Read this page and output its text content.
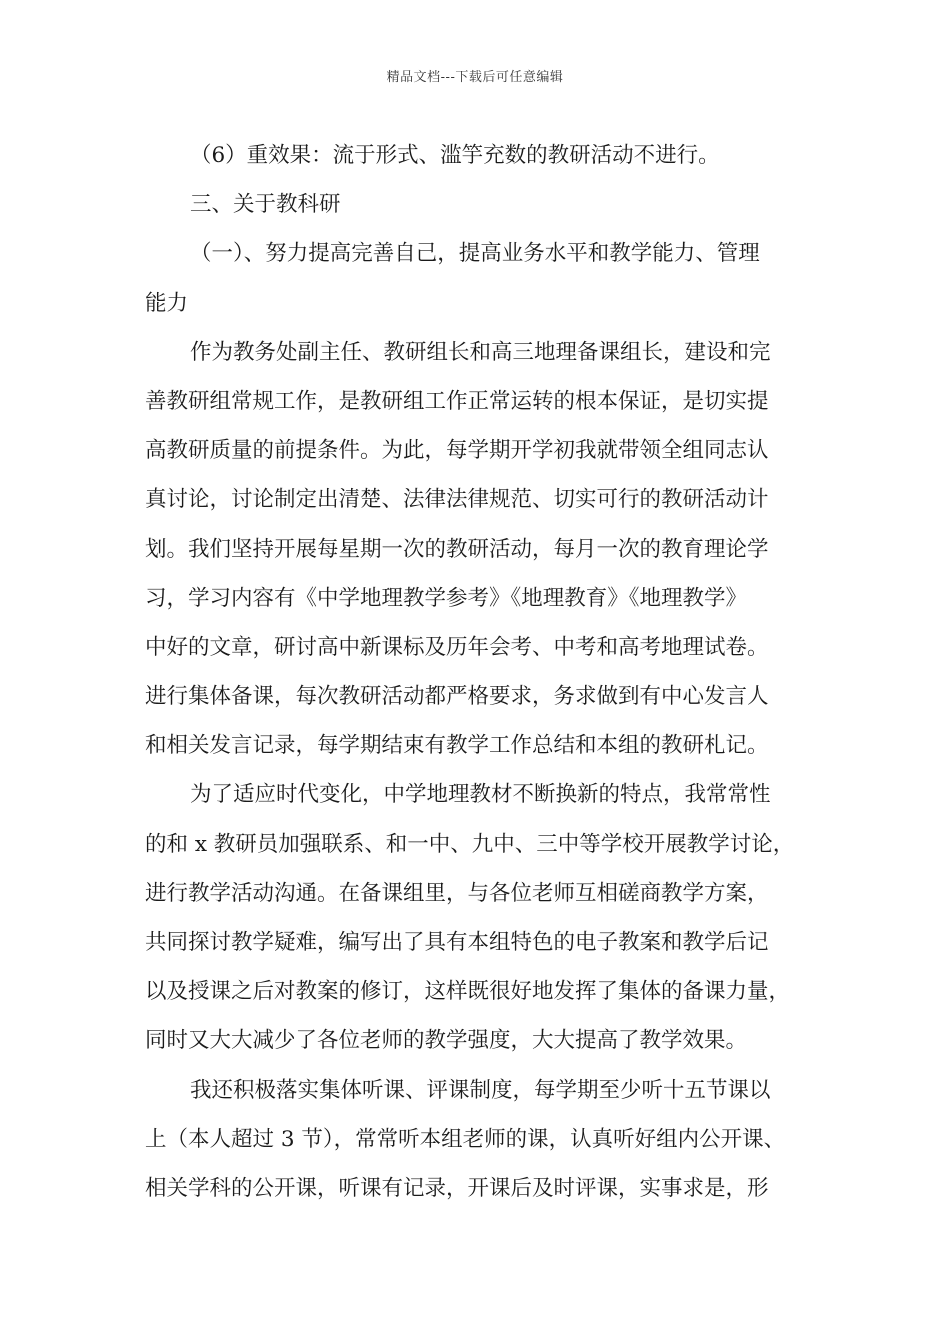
精品文档---下载后可任意编辑
（6）重效果：流于形式、滥竽充数的教研活动不进行。
三、关于教科研
（一）、努力提高完善自己，提高业务水平和教学能力、管理
能力
作为教务处副主任、教研组长和高三地理备课组长，建设和完
善教研组常规工作，是教研组工作正常运转的根本保证，是切实提
高教研质量的前提条件。为此，每学期开学初我就带领全组同志认
真讨论，讨论制定出清楚、法律法律规范、切实可行的教研活动计
划。我们坚持开展每星期一次的教研活动，每月一次的教育理论学
习，学习内容有《中学地理教学参考》《地理教育》《地理教学》
中好的文章，研讨高中新课标及历年会考、中考和高考地理试卷。
进行集体备课，每次教研活动都严格要求，务求做到有中心发言人
和相关发言记录，每学期结束有教学工作总结和本组的教研札记。
为了适应时代变化，中学地理教材不断换新的特点，我常常性
的和 x 教研员加强联系、和一中、九中、三中等学校开展教学讨论，
进行教学活动沟通。在备课组里，与各位老师互相磋商教学方案，
共同探讨教学疑难，编写出了具有本组特色的电子教案和教学后记
以及授课之后对教案的修订，这样既很好地发挥了集体的备课力量，
同时又大大减少了各位老师的教学强度，大大提高了教学效果。
我还积极落实集体听课、评课制度，每学期至少听十五节课以
上（本人超过 3 节），常常听本组老师的课，认真听好组内公开课、
相关学科的公开课，听课有记录，开课后及时评课，实事求是，形
